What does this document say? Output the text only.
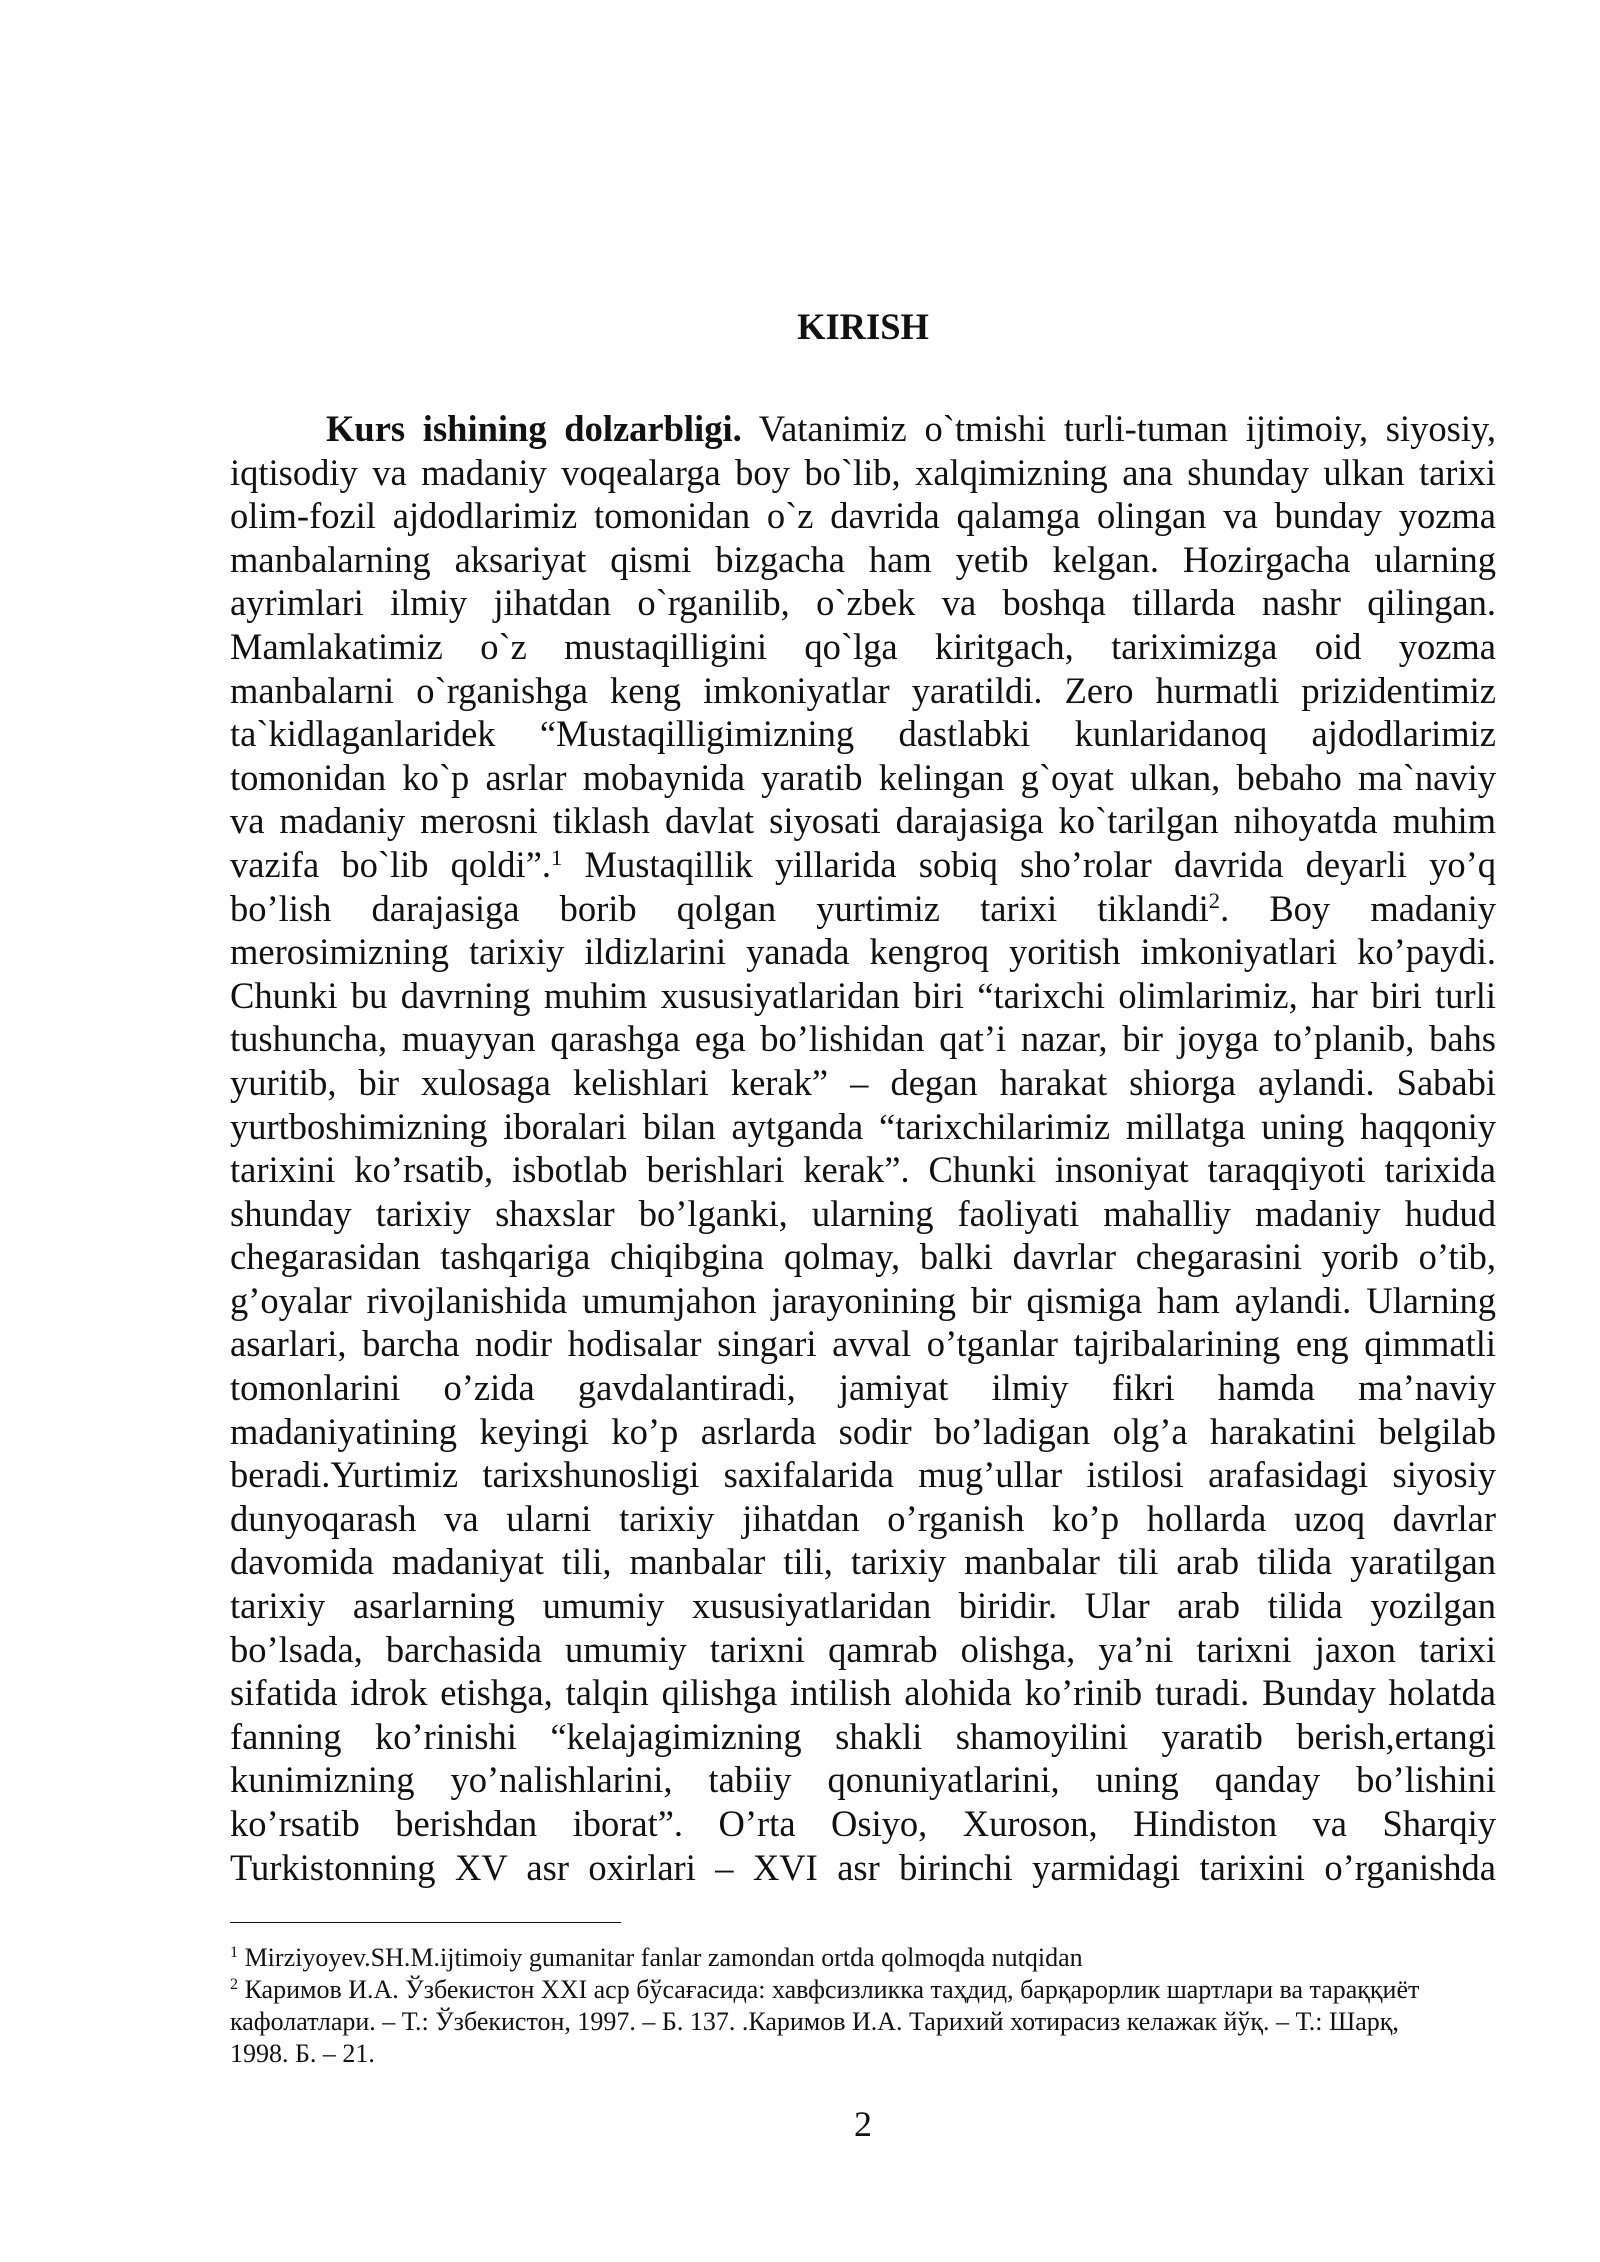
KIRISH
Kurs ishining dolzarbligi. Vatanimiz o`tmishi turli-tuman ijtimoiy, siyosiy,
iqtisodiy va madaniy voqealarga boy bo`lib, xalqimizning ana shunday ulkan tarixi
olim-fozil ajdodlarimiz tomonidan o`z davrida qalamga olingan va bunday yozma
manbalarning aksariyat qismi bizgacha ham yetib kelgan. Hozirgacha ularning
ayrimlari ilmiy jihatdan o`rganilib, o`zbek va boshqa tillarda nashr qilingan.
Mamlakatimiz o`z mustaqilligini qo`lga kiritgach, tariximizga oid yozma
manbalarni o`rganishga keng imkoniyatlar yaratildi. Zero hurmatli prizidentimiz
ta`kidlaganlaridek “Mustaqilligimizning dastlabki kunlaridanoq ajdodlarimiz
tomonidan ko`p asrlar mobaynida yaratib kelingan g`oyat ulkan, bebaho ma`naviy
va madaniy merosni tiklash davlat siyosati darajasiga ko`tarilgan nihoyatda muhim
vazifa bo`lib qoldi”.$^1$ Mustaqillik yillarida sobiq sho’rolar davrida deyarli yo’q
bo’lish darajasiga borib qolgan yurtimiz tarixi tiklandi$^2$. Boy madaniy
merosimizning tarixiy ildizlarini yanada kengroq yoritish imkoniyatlari ko’paydi.
Chunki bu davrning muhim xususiyatlaridan biri “tarixchi olimlarimiz, har biri turli
tushuncha, muayyan qarashga ega bo’lishidan qat’i nazar, bir joyga to’planib, bahs
yuritib, bir xulosaga kelishlari kerak” – degan harakat shiorga aylandi. Sababi
yurtboshimizning iboralari bilan aytganda “tarixchilarimiz millatga uning haqqoniy
tarixini ko’rsatib, isbotlab berishlari kerak”. Chunki insoniyat taraqqiyoti tarixida
shunday tarixiy shaxslar bo’lganki, ularning faoliyati mahalliy madaniy hudud
chegarasidan tashqariga chiqibgina qolmay, balki davrlar chegarasini yorib o’tib,
g’oyalar rivojlanishida umumjahon jarayonining bir qismiga ham aylandi. Ularning
asarlari, barcha nodir hodisalar singari avval o’tganlar tajribalarining eng qimmatli
tomonlarini o’zida gavdalantiradi, jamiyat ilmiy fikri hamda ma’naviy
madaniyatining keyingi ko’p asrlarda sodir bo’ladigan olg’a harakatini belgilab
beradi.Yurtimiz tarixshunosligi saxifalarida mug’ullar istilosi arafasidagi siyosiy
dunyoqarash va ularni tarixiy jihatdan o’rganish ko’p hollarda uzoq davrlar
davomida madaniyat tili, manbalar tili, tarixiy manbalar tili arab tilida yaratilgan
tarixiy asarlarning umumiy xususiyatlaridan biridir. Ular arab tilida yozilgan
bo’lsada, barchasida umumiy tarixni qamrab olishga, ya’ni tarixni jaxon tarixi
sifatida idrok etishga, talqin qilishga intilish alohida ko’rinib turadi. Bunday holatda
fanning ko’rinishi “kelajagimizning shakli shamoyilini yaratib berish,ertangi
kunimizning yo’nalishlarini, tabiiy qonuniyatlarini, uning qanday bo’lishini
ko’rsatib berishdan iborat”. O’rta Osiyo, Xuroson, Hindiston va Sharqiy
Turkistonning XV asr oxirlari – XVI asr birinchi yarmidagi tarixini o’rganishda
$^1$ Mirziyoyev.SH.M.ijtimoiy gumanitar fanlar zamondan ortda qolmoqda nutqidan
$^2$ Каримов И.А. Ўзбекистон XXI аср бўсағасида: хавфсизликка таҳдид, барқарорлик шартлари ва тараққиёт
кафолатлари. – Т.: Ўзбекистон, 1997. – Б. 137. .Каримов И.А. Тарихий хотирасиз келажак йўқ. – Т.: Шарқ,
1998. Б. – 21.
2
